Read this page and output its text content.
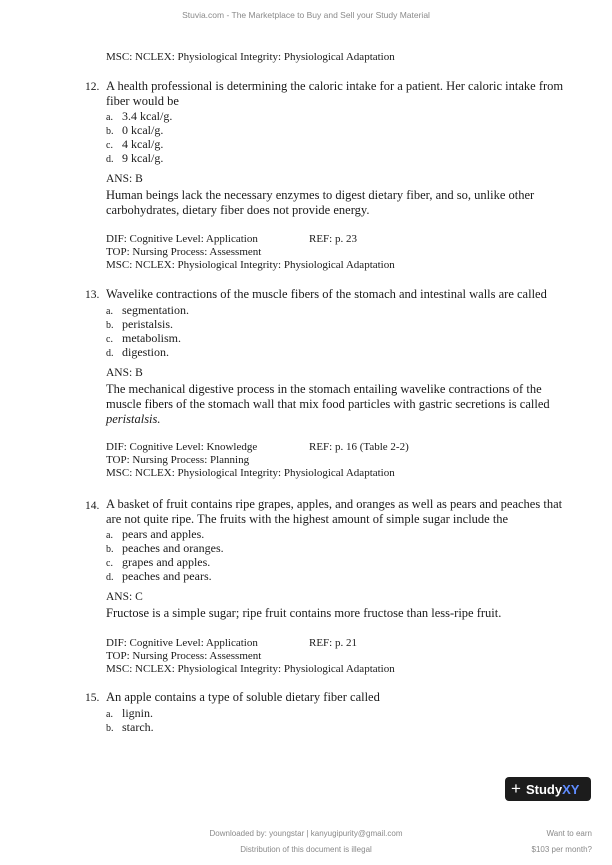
Stuvia.com - The Marketplace to Buy and Sell your Study Material
MSC: NCLEX: Physiological Integrity: Physiological Adaptation
12. A health professional is determining the caloric intake for a patient. Her caloric intake from fiber would be
a. 3.4 kcal/g.
b. 0 kcal/g.
c. 4 kcal/g.
d. 9 kcal/g.
ANS: B
Human beings lack the necessary enzymes to digest dietary fiber, and so, unlike other carbohydrates, dietary fiber does not provide energy.
DIF: Cognitive Level: Application	REF: p. 23
TOP: Nursing Process: Assessment
MSC: NCLEX: Physiological Integrity: Physiological Adaptation
13. Wavelike contractions of the muscle fibers of the stomach and intestinal walls are called
a. segmentation.
b. peristalsis.
c. metabolism.
d. digestion.
ANS: B
The mechanical digestive process in the stomach entailing wavelike contractions of the muscle fibers of the stomach wall that mix food particles with gastric secretions is called peristalsis.
DIF: Cognitive Level: Knowledge	REF: p. 16 (Table 2-2)
TOP: Nursing Process: Planning
MSC: NCLEX: Physiological Integrity: Physiological Adaptation
14. A basket of fruit contains ripe grapes, apples, and oranges as well as pears and peaches that are not quite ripe. The fruits with the highest amount of simple sugar include the
a. pears and apples.
b. peaches and oranges.
c. grapes and apples.
d. peaches and pears.
ANS: C
Fructose is a simple sugar; ripe fruit contains more fructose than less-ripe fruit.
DIF: Cognitive Level: Application	REF: p. 21
TOP: Nursing Process: Assessment
MSC: NCLEX: Physiological Integrity: Physiological Adaptation
15. An apple contains a type of soluble dietary fiber called
a. lignin.
b. starch.
+ Study XY
Downloaded by: youngstar | kanyugipurity@gmail.com
Distribution of this document is illegal
Want to earn
$103 per month?
